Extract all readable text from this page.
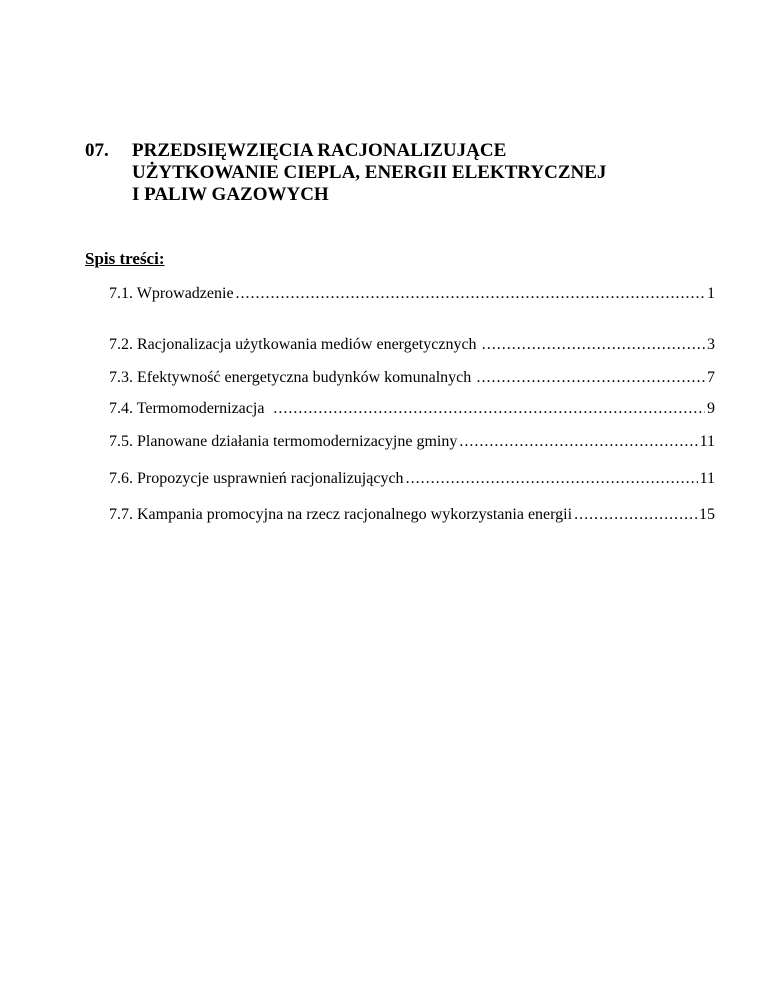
07. PRZEDSIĘWZIĘCIA RACJONALIZUJĄCE
UŻYTKOWANIE CIEPLA, ENERGII ELEKTRYCZNEJ
I PALIW GAZOWYCH
Spis treści:
7.1. Wprowadzenie .....	1
7.2. Racjonalizacja użytkowania mediów energetycznych .....	3
7.3. Efektywność energetyczna budynków komunalnych .....	7
7.4. Termomodernizacja .....	9
7.5. Planowane działania termomodernizacyjne gminy .....	11
7.6. Propozycje usprawnień racjonalizujących .....	11
7.7. Kampania promocyjna na rzecz racjonalnego wykorzystania energii .....	15
